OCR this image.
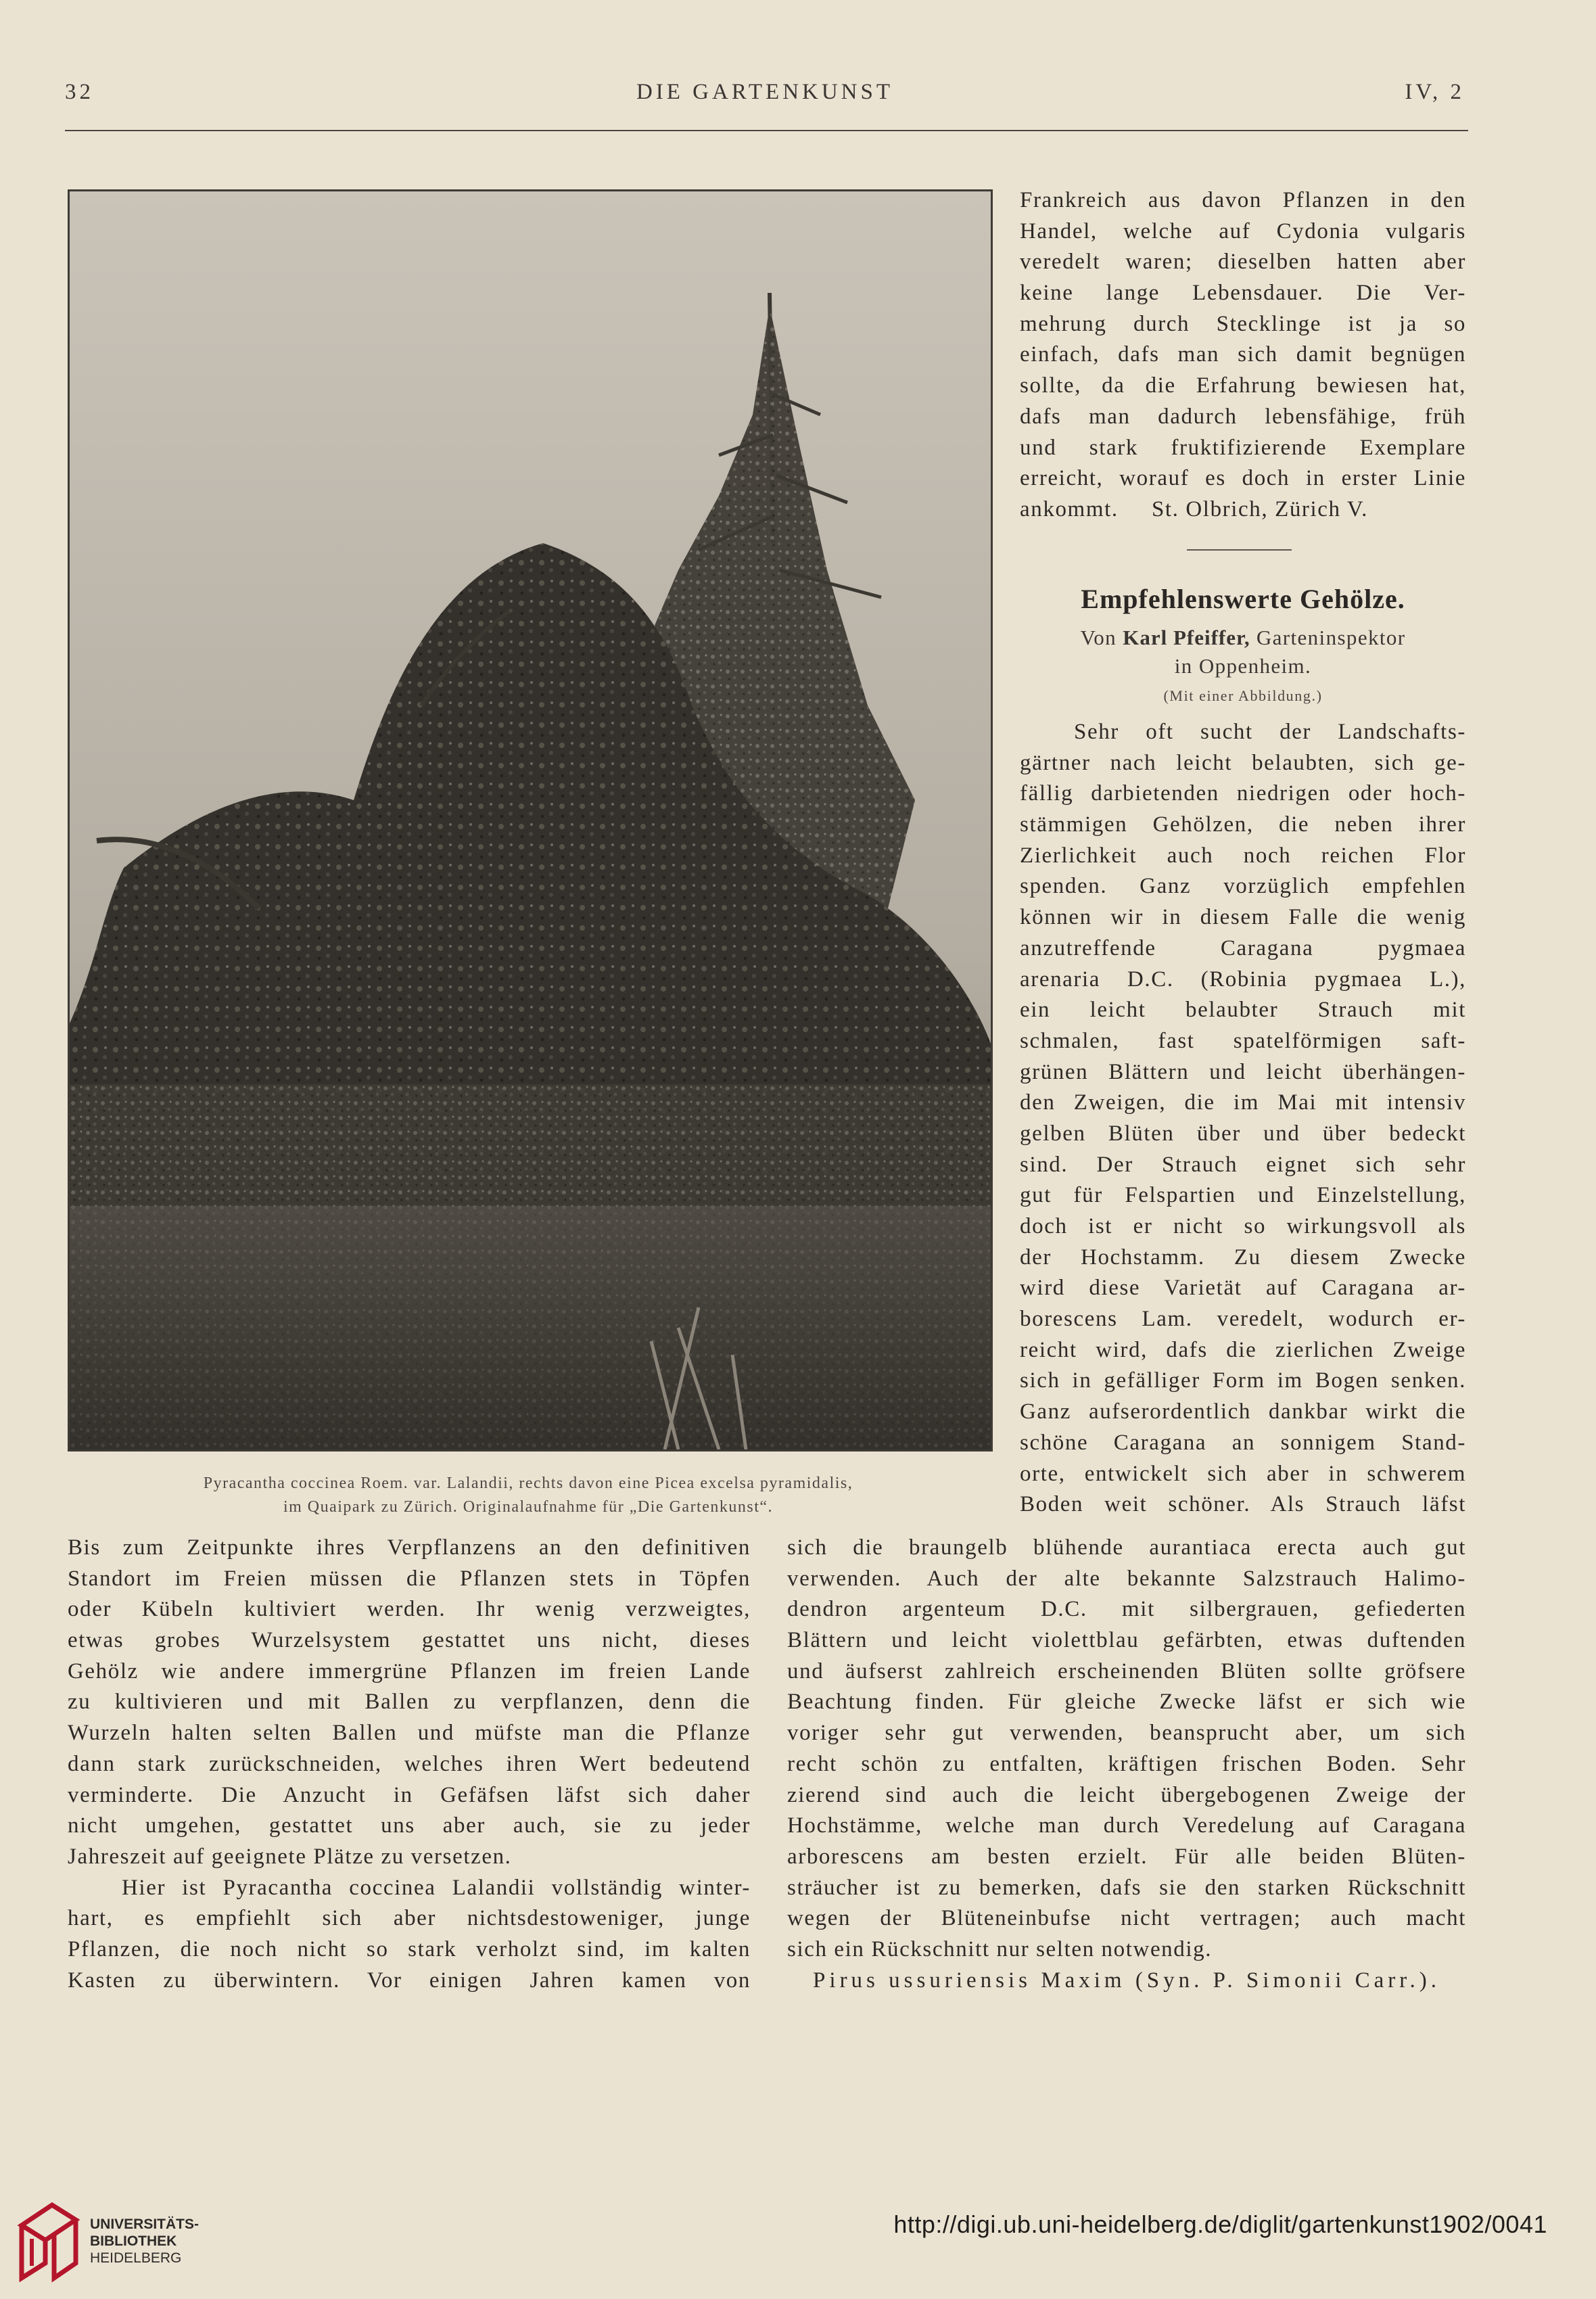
32	DIE GARTENKUNST	IV, 2
Pyracantha coccinea Roem. var. Lalandii, rechts davon eine Picea excelsa pyramidalis,
im Quaipark zu Zürich. Originalaufnahme für „Die Gartenkunst“.
Frankreich aus davon Pflanzen in den
Handel, welche auf Cydonia vulgaris
veredelt waren; dieselben hatten aber
keine lange Lebensdauer. Die Ver-
mehrung durch Stecklinge ist ja so
einfach, dafs man sich damit begnügen
sollte, da die Erfahrung bewiesen hat,
dafs man dadurch lebensfähige, früh
und stark fruktifizierende Exemplare
erreicht, worauf es doch in erster Linie
ankommt.     St. Olbrich, Zürich V.
Empfehlenswerte Gehölze.
Von Karl Pfeiffer, Garteninspektor
in Oppenheim.
(Mit einer Abbildung.)
Sehr oft sucht der Landschafts-
gärtner nach leicht belaubten, sich ge-
fällig darbietenden niedrigen oder hoch-
stämmigen Gehölzen, die neben ihrer
Zierlichkeit auch noch reichen Flor
spenden. Ganz vorzüglich empfehlen
können wir in diesem Falle die wenig
anzutreffende Caragana pygmaea
arenaria D.C. (Robinia pygmaea L.),
ein leicht belaubter Strauch mit
schmalen, fast spatelförmigen saft-
grünen Blättern und leicht überhängen-
den Zweigen, die im Mai mit intensiv
gelben Blüten über und über bedeckt
sind. Der Strauch eignet sich sehr
gut für Felspartien und Einzelstellung,
doch ist er nicht so wirkungsvoll als
der Hochstamm. Zu diesem Zwecke
wird diese Varietät auf Caragana ar-
borescens Lam. veredelt, wodurch er-
reicht wird, dafs die zierlichen Zweige
sich in gefälliger Form im Bogen senken.
Ganz aufserordentlich dankbar wirkt die
schöne Caragana an sonnigem Stand-
orte, entwickelt sich aber in schwerem
Boden weit schöner. Als Strauch läfst
Bis zum Zeitpunkte ihres Verpflanzens an den definitiven
Standort im Freien müssen die Pflanzen stets in Töpfen
oder Kübeln kultiviert werden. Ihr wenig verzweigtes,
etwas grobes Wurzelsystem gestattet uns nicht, dieses
Gehölz wie andere immergrüne Pflanzen im freien Lande
zu kultivieren und mit Ballen zu verpflanzen, denn die
Wurzeln halten selten Ballen und müfste man die Pflanze
dann stark zurückschneiden, welches ihren Wert bedeutend
verminderte. Die Anzucht in Gefäfsen läfst sich daher
nicht umgehen, gestattet uns aber auch, sie zu jeder
Jahreszeit auf geeignete Plätze zu versetzen.
Hier ist Pyracantha coccinea Lalandii vollständig winter-
hart, es empfiehlt sich aber nichtsdestoweniger, junge
Pflanzen, die noch nicht so stark verholzt sind, im kalten
Kasten zu überwintern. Vor einigen Jahren kamen von
sich die braungelb blühende aurantiaca erecta auch gut
verwenden. Auch der alte bekannte Salzstrauch Halimo-
dendron argenteum D.C. mit silbergrauen, gefiederten
Blättern und leicht violettblau gefärbten, etwas duftenden
und äufserst zahlreich erscheinenden Blüten sollte gröfsere
Beachtung finden. Für gleiche Zwecke läfst er sich wie
voriger sehr gut verwenden, beansprucht aber, um sich
recht schön zu entfalten, kräftigen frischen Boden. Sehr
zierend sind auch die leicht übergebogenen Zweige der
Hochstämme, welche man durch Veredelung auf Caragana
arborescens am besten erzielt. Für alle beiden Blüten-
sträucher ist zu bemerken, dafs sie den starken Rückschnitt
wegen der Blüteneinbufse nicht vertragen; auch macht
sich ein Rückschnitt nur selten notwendig.
Pirus ussuriensis Maxim (Syn. P. Simonii Carr.).
UNIVERSITÄTS-
BIBLIOTHEK
HEIDELBERG
http://digi.ub.uni-heidelberg.de/diglit/gartenkunst1902/0041
